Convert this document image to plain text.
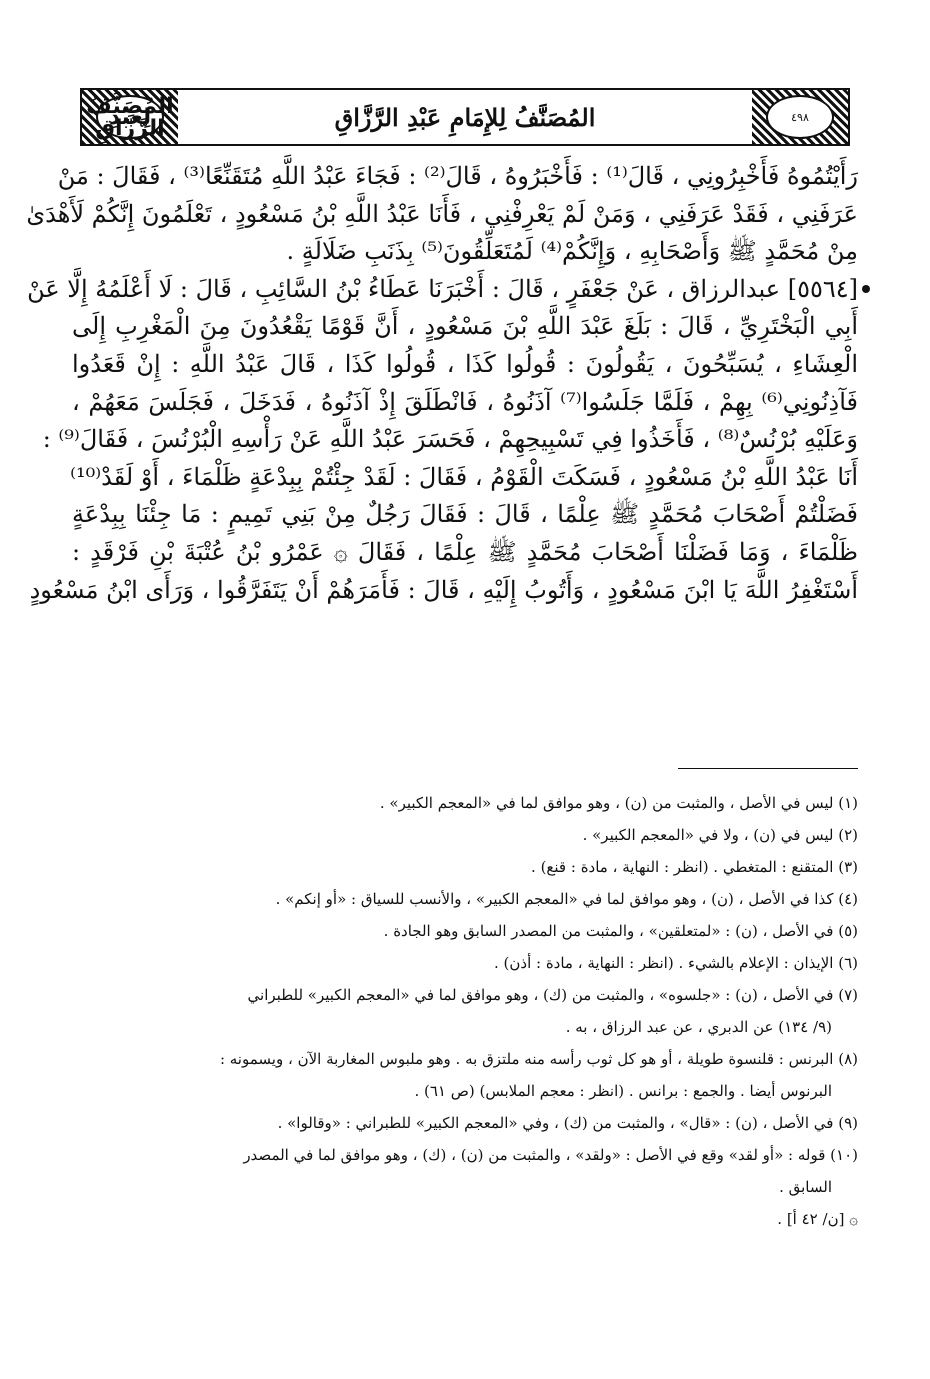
٤٩٨
المُصَنَّفُ لِلإِمَامِ عَبْدِ الرَّزَّاقِ
المُصَنَّفُ لِعَبْدِ الرَّزَّاقِ
رَأَيْتُمُوهُ فَأَخْبِرُونِي ، قَالَ⁽¹⁾ : فَأَخْبَرُوهُ ، قَالَ⁽²⁾ : فَجَاءَ عَبْدُ اللَّهِ مُتَقَنِّعًا⁽³⁾ ، فَقَالَ : مَنْ
عَرَفَنِي ، فَقَدْ عَرَفَنِي ، وَمَنْ لَمْ يَعْرِفْنِي ، فَأَنَا عَبْدُ اللَّهِ بْنُ مَسْعُودٍ ، تَعْلَمُونَ إِنَّكُمْ لَأَهْدَىٰ
مِنْ مُحَمَّدٍ ﷺ وَأَصْحَابِهِ ، وَإِنَّكُمْ⁽⁴⁾ لَمُتَعَلِّقُونَ⁽⁵⁾ بِذَنَبِ ضَلَالَةٍ .
[٥٥٦٤] عبدالرزاق ، عَنْ جَعْفَرٍ ، قَالَ : أَخْبَرَنَا عَطَاءُ بْنُ السَّائِبِ ، قَالَ : لَا أَعْلَمُهُ إِلَّا عَنْ
أَبِي الْبَخْتَرِيِّ ، قَالَ : بَلَغَ عَبْدَ اللَّهِ بْنَ مَسْعُودٍ ، أَنَّ قَوْمًا يَقْعُدُونَ مِنَ الْمَغْرِبِ إِلَى
الْعِشَاءِ ، يُسَبِّحُونَ ، يَقُولُونَ : قُولُوا كَذَا ، قُولُوا كَذَا ، قَالَ عَبْدُ اللَّهِ : إِنْ قَعَدُوا
فَآذِنُونِي⁽⁶⁾ بِهِمْ ، فَلَمَّا جَلَسُوا⁽⁷⁾ آذَنُوهُ ، فَانْطَلَقَ إِذْ آذَنُوهُ ، فَدَخَلَ ، فَجَلَسَ مَعَهُمْ ،
وَعَلَيْهِ بُرْنُسٌ⁽⁸⁾ ، فَأَخَذُوا فِي تَسْبِيحِهِمْ ، فَحَسَرَ عَبْدُ اللَّهِ عَنْ رَأْسِهِ الْبُرْنُسَ ، فَقَالَ⁽⁹⁾ :
أَنَا عَبْدُ اللَّهِ بْنُ مَسْعُودٍ ، فَسَكَتَ الْقَوْمُ ، فَقَالَ : لَقَدْ جِئْتُمْ بِبِدْعَةٍ ظَلْمَاءَ ، أَوْ لَقَدْ⁽¹⁰⁾
فَضَلْتُمْ أَصْحَابَ مُحَمَّدٍ ﷺ عِلْمًا ، قَالَ : فَقَالَ رَجُلٌ مِنْ بَنِي تَمِيمٍ : مَا جِئْنَا بِبِدْعَةٍ
ظَلْمَاءَ ، وَمَا فَضَلْنَا أَصْحَابَ مُحَمَّدٍ ﷺ عِلْمًا ، فَقَالَ ۞ عَمْرُو بْنُ عُتْبَةَ بْنِ فَرْقَدٍ :
أَسْتَغْفِرُ اللَّهَ يَا ابْنَ مَسْعُودٍ ، وَأَتُوبُ إِلَيْهِ ، قَالَ : فَأَمَرَهُمْ أَنْ يَتَفَرَّقُوا ، وَرَأَى ابْنُ مَسْعُودٍ
(١) ليس في الأصل ، والمثبت من (ن) ، وهو موافق لما في «المعجم الكبير» .
(٢) ليس في (ن) ، ولا في «المعجم الكبير» .
(٣) المتقنع : المتغطي . (انظر : النهاية ، مادة : قنع) .
(٤) كذا في الأصل ، (ن) ، وهو موافق لما في «المعجم الكبير» ، والأنسب للسياق : «أو إنكم» .
(٥) في الأصل ، (ن) : «لمتعلقين» ، والمثبت من المصدر السابق وهو الجادة .
(٦) الإيذان : الإعلام بالشيء . (انظر : النهاية ، مادة : أذن) .
(٧) في الأصل ، (ن) : «جلسوه» ، والمثبت من (ك) ، وهو موافق لما في «المعجم الكبير» للطبراني
(٩/ ١٣٤) عن الدبري ، عن عبد الرزاق ، به .
(٨) البرنس : قلنسوة طويلة ، أو هو كل ثوب رأسه منه ملتزق به . وهو ملبوس المغاربة الآن ، ويسمونه :
البرنوس أيضا . والجمع : برانس . (انظر : معجم الملابس) (ص ٦١) .
(٩) في الأصل ، (ن) : «قال» ، والمثبت من (ك) ، وفي «المعجم الكبير» للطبراني : «وقالوا» .
(١٠) قوله : «أو لقد» وقع في الأصل : «ولقد» ، والمثبت من (ن) ، (ك) ، وهو موافق لما في المصدر
السابق .
۞ [ن/ ٤٢ أ] .
